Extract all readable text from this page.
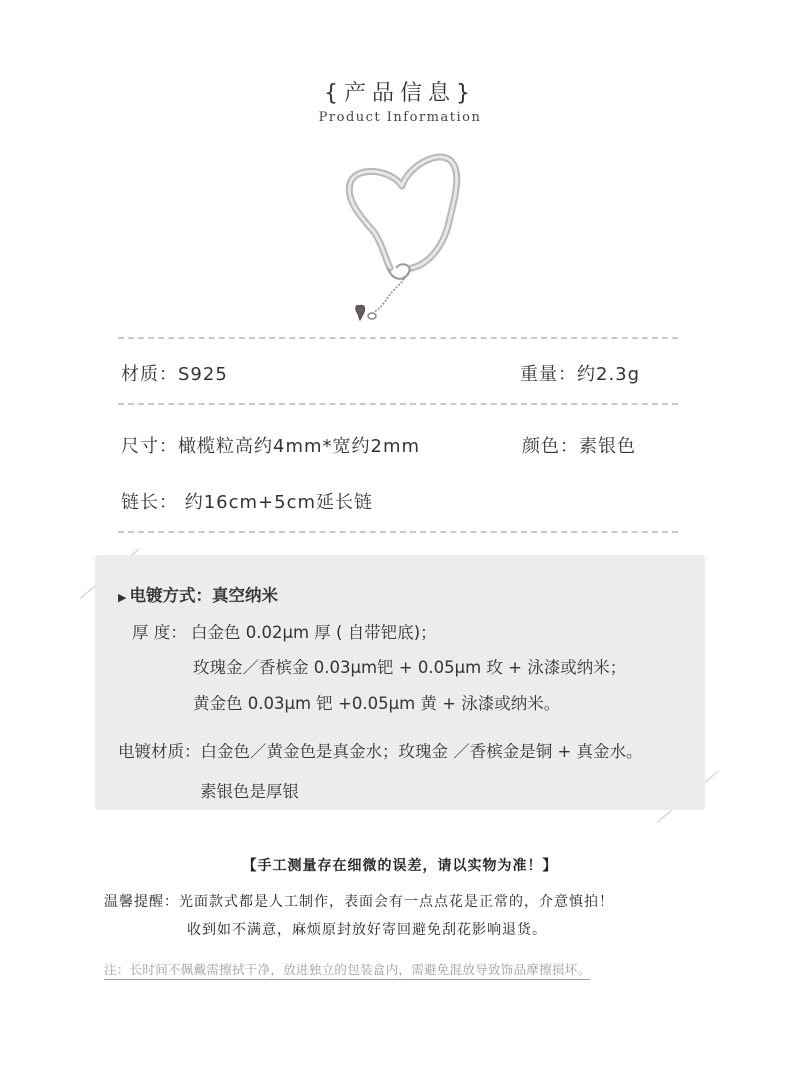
{产品信息}
Product Information
材质：S925	重量：约2.3g
尺寸：橄榄粒高约4mm*宽约2mm	颜色：素银色
链长： 约16cm+5cm延长链
▶ 电镀方式：真空纳米
厚 度： 白金色 0.02μm 厚 ( 自带钯底)；
玫瑰金／香槟金 0.03μm钯 + 0.05μm 玫 + 泳漆或纳米；
黄金色 0.03μm 钯 +0.05μm 黄 + 泳漆或纳米。
电镀材质：白金色／黄金色是真金水；玫瑰金 ／香槟金是铜 + 真金水。
素银色是厚银
【手工测量存在细微的误差，请以实物为准！】
温馨提醒：光面款式都是人工制作，表面会有一点点花是正常的，介意慎拍！
收到如不满意，麻烦原封放好寄回避免刮花影响退货。
注：长时间不佩戴需擦拭干净，放进独立的包装盒内，需避免混放导致饰品摩擦损坏。
